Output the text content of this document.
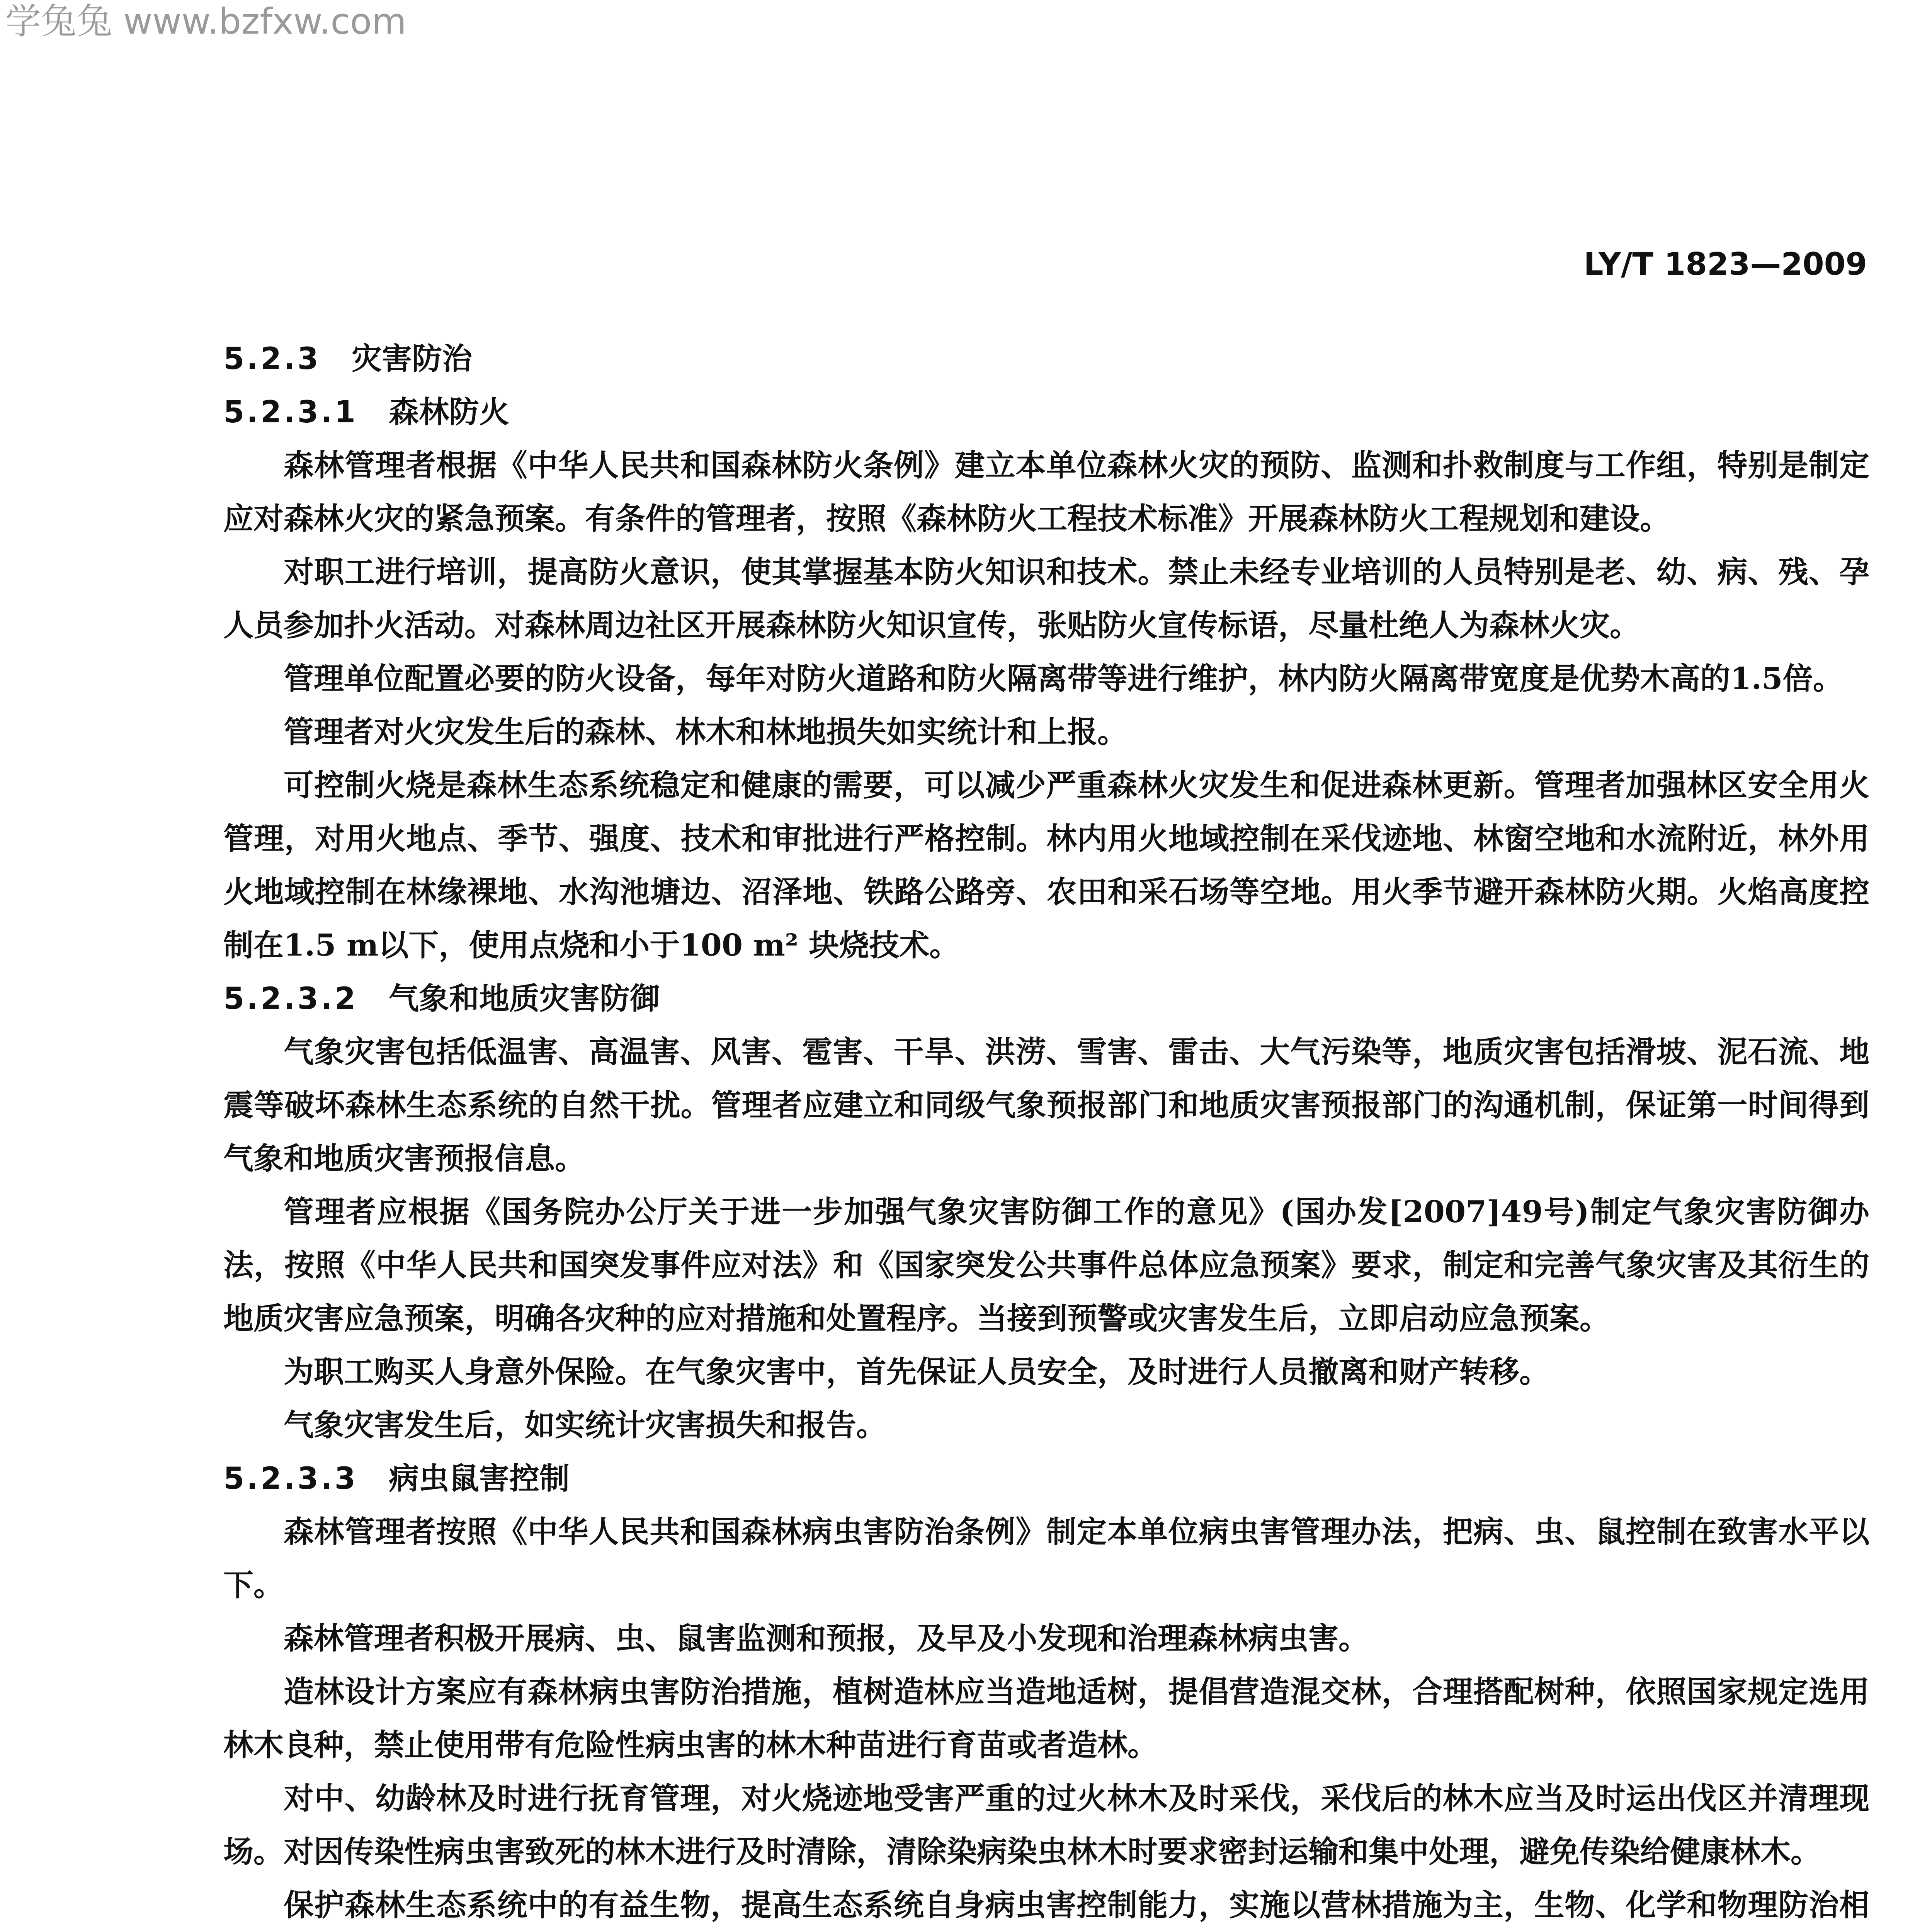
学兔兔 www.bzfxw.com
LY/T 1823—2009
5.2.3 灾害防治
5.2.3.1 森林防火

森林管理者根据《中华人民共和国森林防火条例》建立本单位森林火灾的预防、监测和扑救制度与工作组，特别是制定应对森林火灾的紧急预案。有条件的管理者，按照《森林防火工程技术标准》开展森林防火工程规划和建设。

对职工进行培训，提高防火意识，使其掌握基本防火知识和技术。禁止未经专业培训的人员特别是老、幼、病、残、孕人员参加扑火活动。对森林周边社区开展森林防火知识宣传，张贴防火宣传标语，尽量杜绝人为森林火灾。

管理单位配置必要的防火设备，每年对防火道路和防火隔离带等进行维护，林内防火隔离带宽度是优势木高的1.5倍。

管理者对火灾发生后的森林、林木和林地损失如实统计和上报。

可控制火烧是森林生态系统稳定和健康的需要，可以减少严重森林火灾发生和促进森林更新。管理者加强林区安全用火管理，对用火地点、季节、强度、技术和审批进行严格控制。林内用火地域控制在采伐迹地、林窗空地和水流附近，林外用火地域控制在林缘裸地、水沟池塘边、沼泽地、铁路公路旁、农田和采石场等空地。用火季节避开森林防火期。火焰高度控制在1.5 m以下，使用点烧和小于100 m² 块烧技术。

5.2.3.2 气象和地质灾害防御

气象灾害包括低温害、高温害、风害、雹害、干旱、洪涝、雪害、雷击、大气污染等，地质灾害包括滑坡、泥石流、地震等破坏森林生态系统的自然干扰。管理者应建立和同级气象预报部门和地质灾害预报部门的沟通机制，保证第一时间得到气象和地质灾害预报信息。

管理者应根据《国务院办公厅关于进一步加强气象灾害防御工作的意见》(国办发[2007]49号)制定气象灾害防御办法，按照《中华人民共和国突发事件应对法》和《国家突发公共事件总体应急预案》要求，制定和完善气象灾害及其衍生的地质灾害应急预案，明确各灾种的应对措施和处置程序。当接到预警或灾害发生后，立即启动应急预案。

为职工购买人身意外保险。在气象灾害中，首先保证人员安全，及时进行人员撤离和财产转移。

气象灾害发生后，如实统计灾害损失和报告。

5.2.3.3 病虫鼠害控制

森林管理者按照《中华人民共和国森林病虫害防治条例》制定本单位病虫害管理办法，把病、虫、鼠控制在致害水平以下。

森林管理者积极开展病、虫、鼠害监测和预报，及早及小发现和治理森林病虫害。

造林设计方案应有森林病虫害防治措施，植树造林应当造地适树，提倡营造混交林，合理搭配树种，依照国家规定选用林木良种，禁止使用带有危险性病虫害的林木种苗进行育苗或者造林。

对中、幼龄林及时进行抚育管理，对火烧迹地受害严重的过火林木及时采伐，采伐后的林木应当及时运出伐区并清理现场。对因传染性病虫害致死的林木进行及时清除，清除染病染虫林木时要求密封运输和集中处理，避免传染给健康林木。

保护森林生态系统中的有益生物，提高生态系统自身病虫害控制能力，实施以营林措施为主，生物、化学和物理防治相
